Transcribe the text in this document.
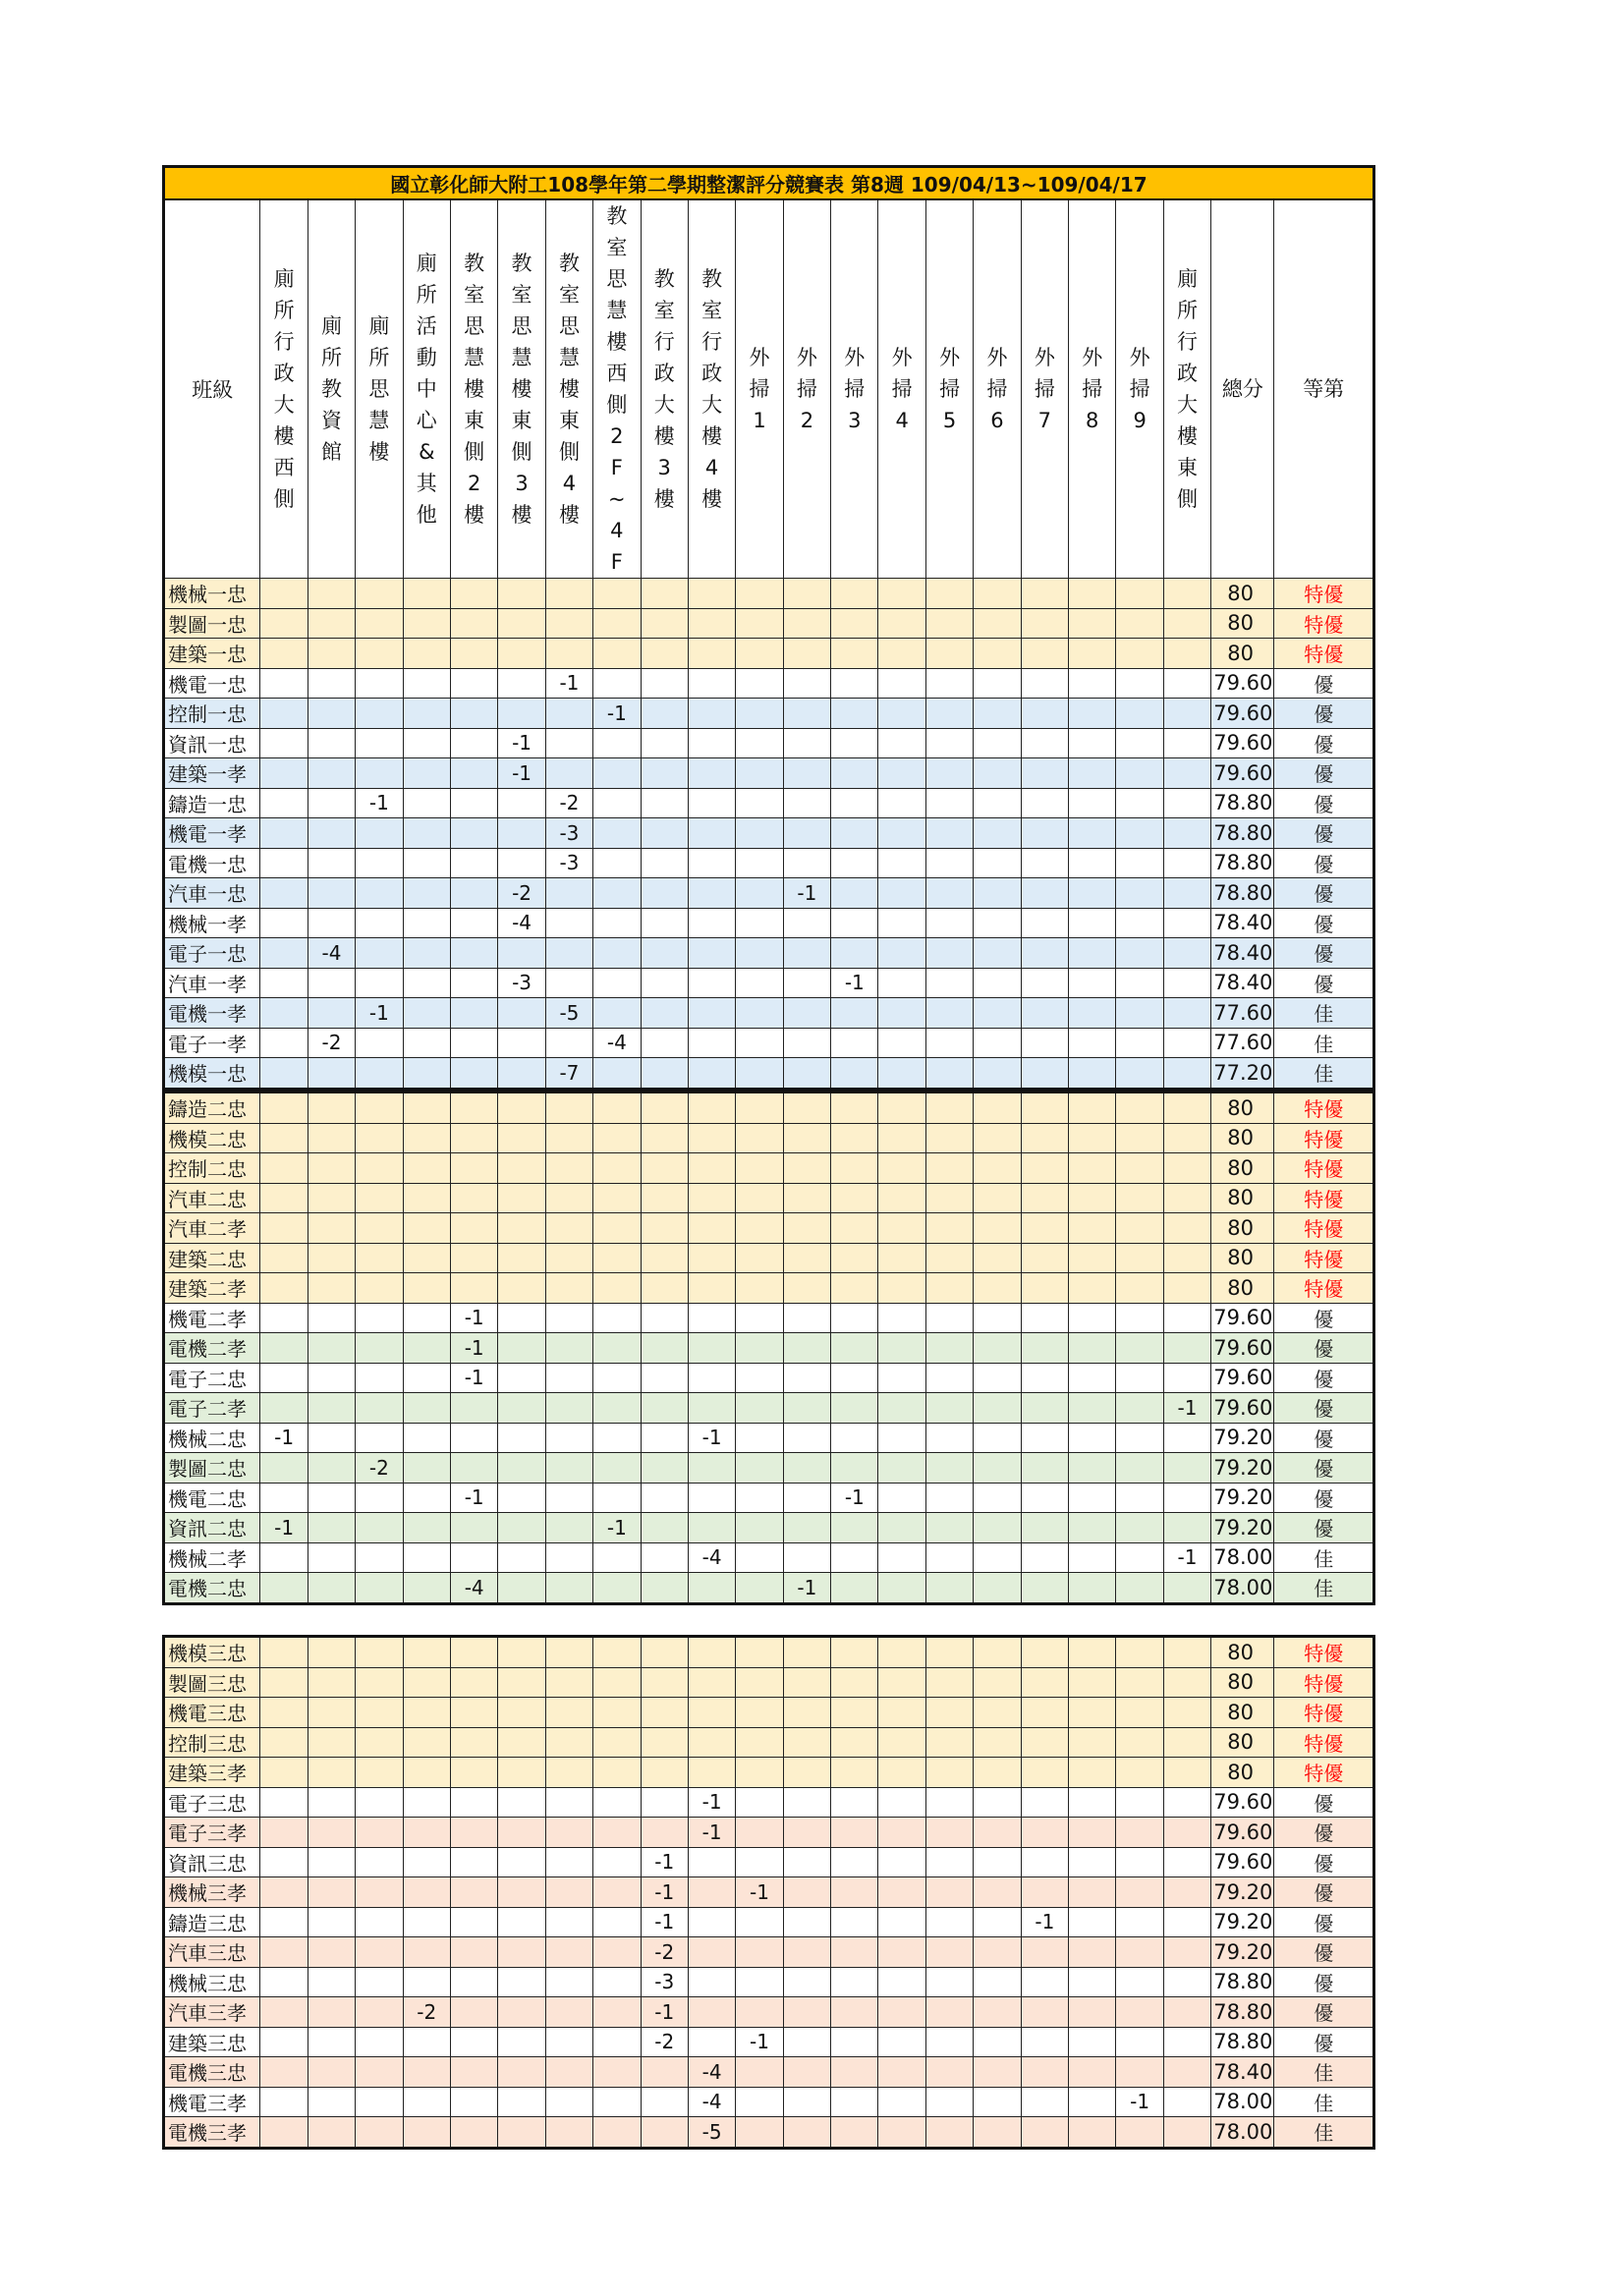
國立彰化師大附工108學年第二學期整潔評分競賽表 第8週 109/04/13~109/04/17																						
班級	廁所行政大樓西側	廁所教資館	廁所思慧樓	廁所活動中心&其他	教室思慧樓東側2樓	教室思慧樓東側3樓	教室思慧樓東側4樓	教室思慧樓西側2F~4F	教室行政大樓3樓	教室行政大樓4樓	外掃1	外掃2	外掃3	外掃4	外掃5	外掃6	外掃7	外掃8	外掃9	廁所行政大樓東側	總分	等第
機械一忠																					80	特優
製圖一忠																					80	特優
建築一忠																					80	特優
機電一忠							-1														79.60	優
控制一忠								-1													79.60	優
資訊一忠						-1															79.60	優
建築一孝						-1															79.60	優
鑄造一忠			-1				-2														78.80	優
機電一孝							-3														78.80	優
電機一忠							-3														78.80	優
汽車一忠						-2						-1									78.80	優
機械一孝						-4															78.40	優
電子一忠		-4																			78.40	優
汽車一孝						-3							-1								78.40	優
電機一孝			-1				-5														77.60	佳
電子一孝		-2						-4													77.60	佳
機模一忠							-7														77.20	佳
鑄造二忠																					80	特優
機模二忠																					80	特優
控制二忠																					80	特優
汽車二忠																					80	特優
汽車二孝																					80	特優
建築二忠																					80	特優
建築二孝																					80	特優
機電二孝					-1																79.60	優
電機二孝					-1																79.60	優
電子二忠					-1																79.60	優
電子二孝																				-1	79.60	優
機械二忠	-1									-1											79.20	優
製圖二忠			-2																		79.20	優
機電二忠					-1								-1								79.20	優
資訊二忠	-1							-1													79.20	優
機械二孝										-4										-1	78.00	佳
電機二忠					-4							-1									78.00	佳
機模三忠																					80	特優
製圖三忠																					80	特優
機電三忠																					80	特優
控制三忠																					80	特優
建築三孝																					80	特優
電子三忠										-1											79.60	優
電子三孝										-1											79.60	優
資訊三忠									-1												79.60	優
機械三孝									-1		-1										79.20	優
鑄造三忠									-1								-1				79.20	優
汽車三忠									-2												79.20	優
機械三忠									-3												78.80	優
汽車三孝				-2					-1												78.80	優
建築三忠									-2		-1										78.80	優
電機三忠										-4											78.40	佳
機電三孝										-4									-1		78.00	佳
電機三孝										-5											78.00	佳
